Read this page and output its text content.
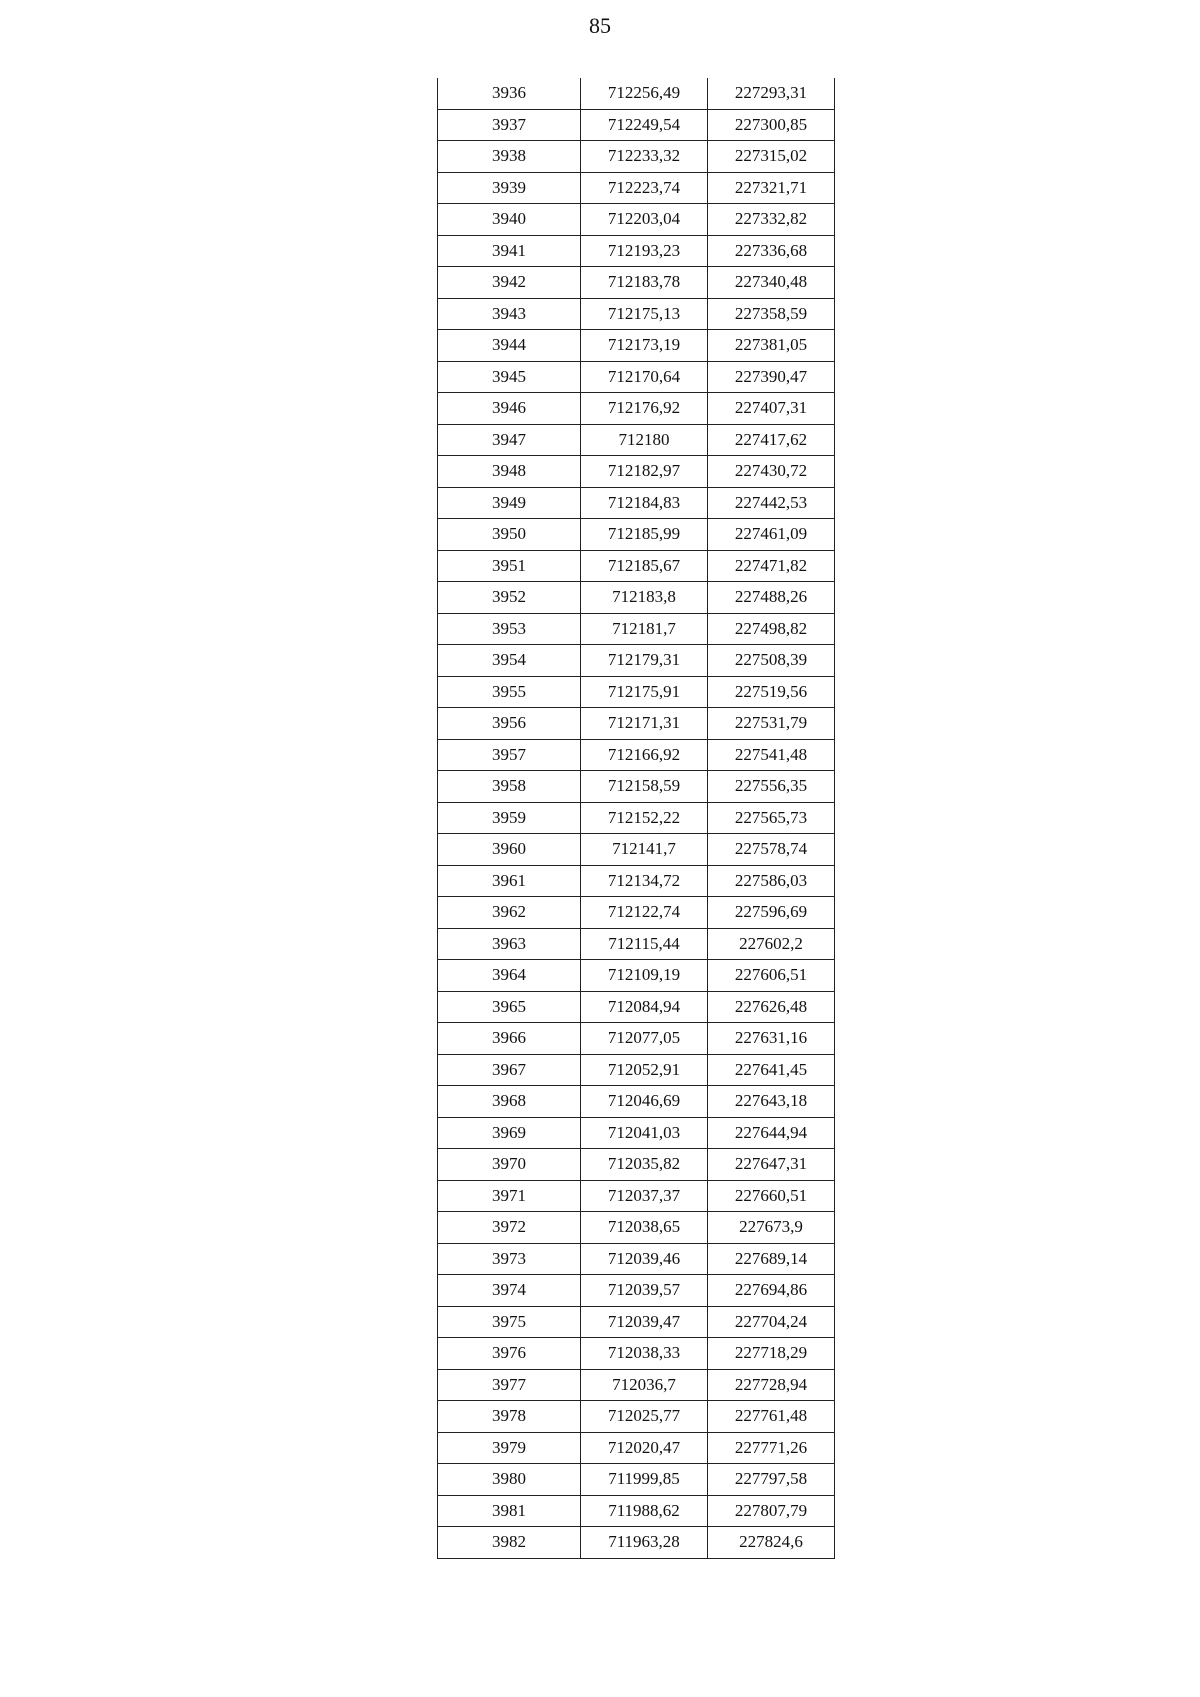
85
3936	712256,49	227293,31
3937	712249,54	227300,85
3938	712233,32	227315,02
3939	712223,74	227321,71
3940	712203,04	227332,82
3941	712193,23	227336,68
3942	712183,78	227340,48
3943	712175,13	227358,59
3944	712173,19	227381,05
3945	712170,64	227390,47
3946	712176,92	227407,31
3947	712180	227417,62
3948	712182,97	227430,72
3949	712184,83	227442,53
3950	712185,99	227461,09
3951	712185,67	227471,82
3952	712183,8	227488,26
3953	712181,7	227498,82
3954	712179,31	227508,39
3955	712175,91	227519,56
3956	712171,31	227531,79
3957	712166,92	227541,48
3958	712158,59	227556,35
3959	712152,22	227565,73
3960	712141,7	227578,74
3961	712134,72	227586,03
3962	712122,74	227596,69
3963	712115,44	227602,2
3964	712109,19	227606,51
3965	712084,94	227626,48
3966	712077,05	227631,16
3967	712052,91	227641,45
3968	712046,69	227643,18
3969	712041,03	227644,94
3970	712035,82	227647,31
3971	712037,37	227660,51
3972	712038,65	227673,9
3973	712039,46	227689,14
3974	712039,57	227694,86
3975	712039,47	227704,24
3976	712038,33	227718,29
3977	712036,7	227728,94
3978	712025,77	227761,48
3979	712020,47	227771,26
3980	711999,85	227797,58
3981	711988,62	227807,79
3982	711963,28	227824,6
